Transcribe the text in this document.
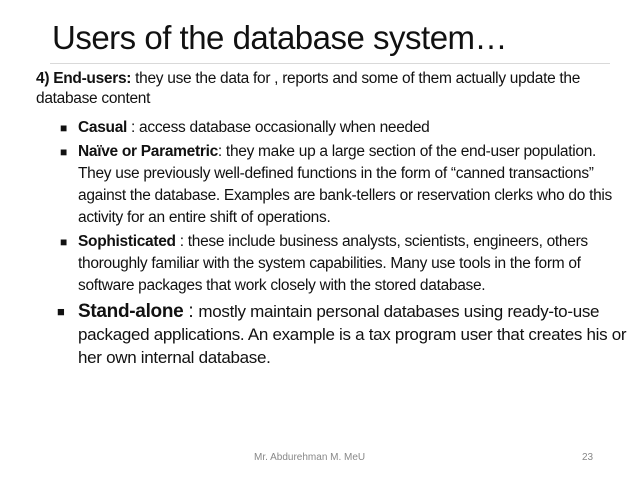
Users of the database system…
4) End-users: they use the data for , reports and some of them actually update the database content
■ Casual : access database occasionally when needed
■ Naïve or Parametric: they make up a large section of the end-user population. They use previously well-defined functions in the form of “canned transactions” against the database. Examples are bank-tellers or reservation clerks who do this activity for an entire shift of operations.
■ Sophisticated : these include business analysts, scientists, engineers, others thoroughly familiar with the system capabilities. Many use tools in the form of software packages that work closely with the stored database.
■ Stand-alone : mostly maintain personal databases using ready-to-use packaged applications. An example is a tax program user that creates his or her own internal database.
Mr. Abdurehman M. MeU	23
